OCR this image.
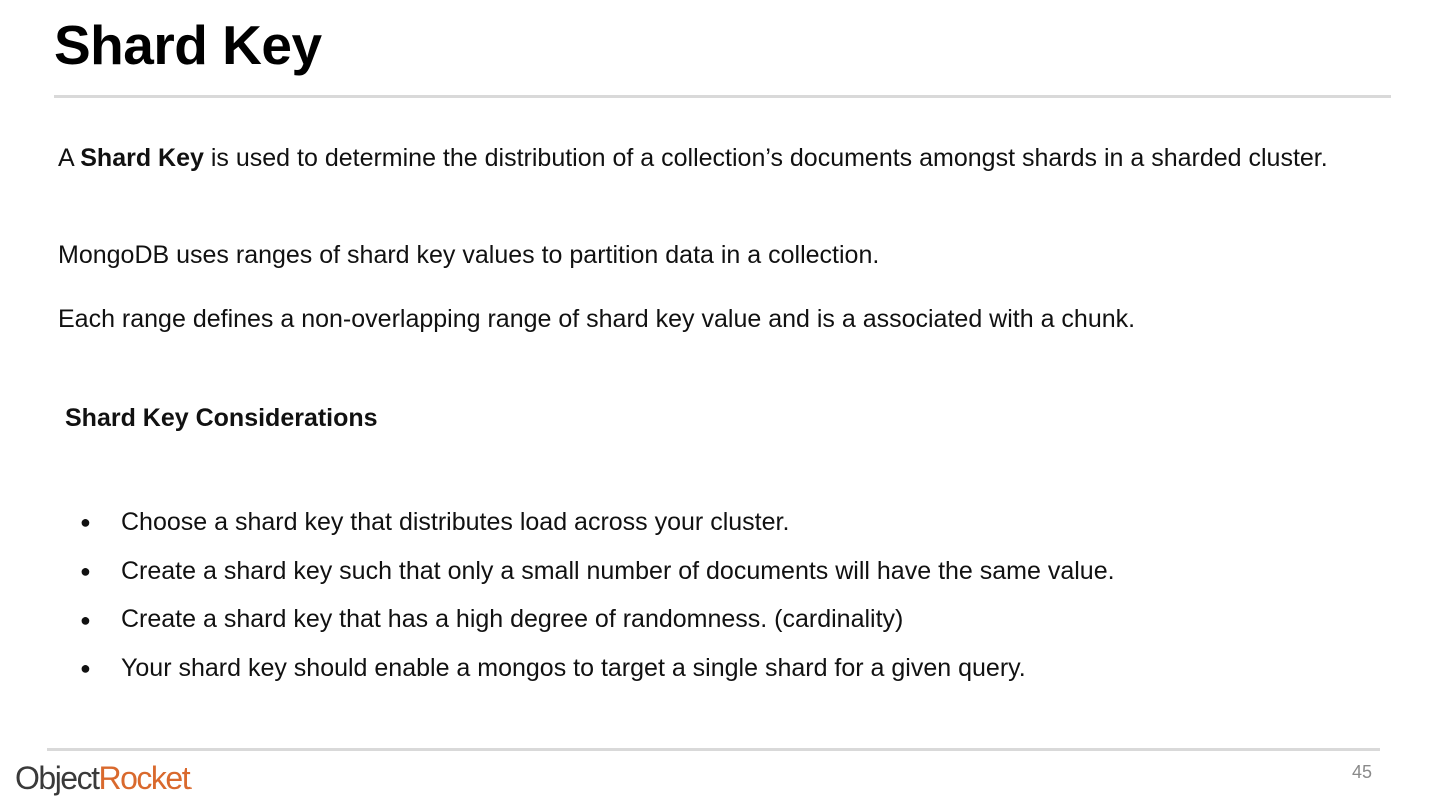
Shard Key

A Shard Key is used to determine the distribution of a collection’s documents amongst shards in a sharded cluster.

MongoDB uses ranges of shard key values to partition data in a collection.

Each range defines a non-overlapping range of shard key value and is a associated with a chunk.

Shard Key Considerations
●	Choose a shard key that distributes load across your cluster.
●	Create a shard key such that only a small number of documents will have the same value.
●	Create a shard key that has a high degree of randomness. (cardinality)
●	Your shard key should enable a mongos to target a single shard for a given query.
ObjectRocket.
45
